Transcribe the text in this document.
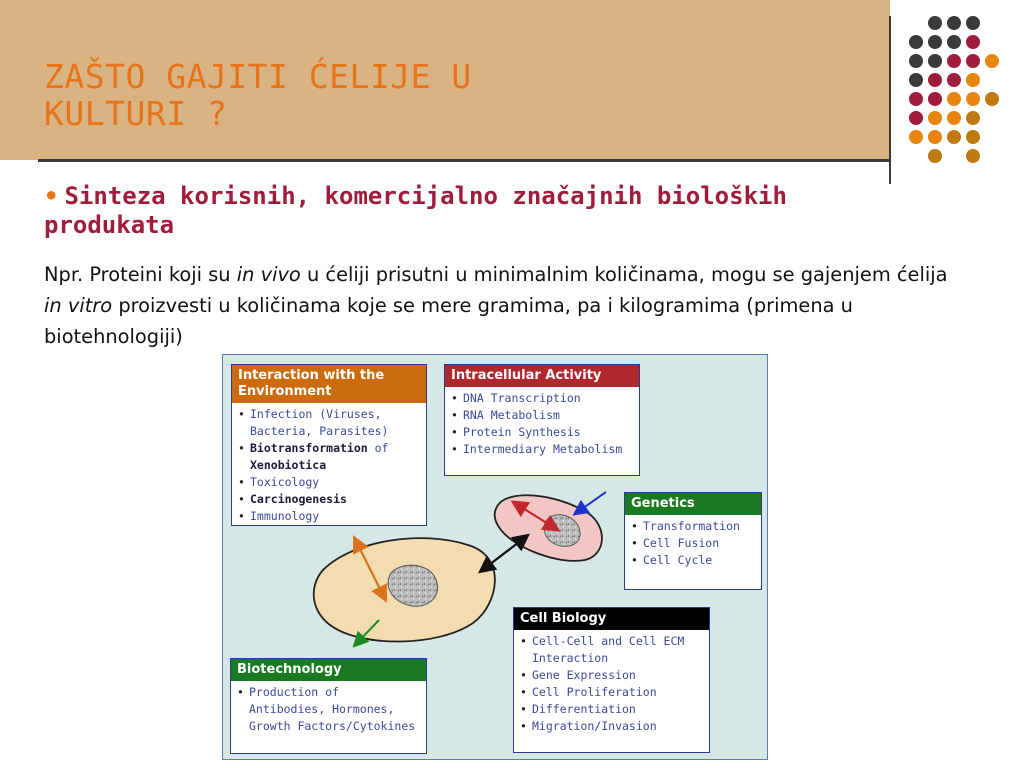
ZAŠTO GAJITI ĆELIJE U
KULTURI ?
• Sinteza korisnih, komercijalno značajnih bioloških produkata
Npr. Proteini koji su in vivo u ćeliji prisutni u minimalnim količinama, mogu se gajenjem ćelija in vitro proizvesti u količinama koje se mere gramima, pa i kilogramima (primena u biotehnologiji)
Interaction with the Environment
• Infection (Viruses, Bacteria, Parasites)
• Biotransformation of Xenobiotica
• Toxicology
• Carcinogenesis
• Immunology
Intracellular Activity
• DNA Transcription
• RNA Metabolism
• Protein Synthesis
• Intermediary Metabolism
Genetics
• Transformation
• Cell Fusion
• Cell Cycle
Cell Biology
• Cell-Cell and Cell ECM Interaction
• Gene Expression
• Cell Proliferation
• Differentiation
• Migration/Invasion
Biotechnology
• Production of Antibodies, Hormones, Growth Factors/Cytokines
